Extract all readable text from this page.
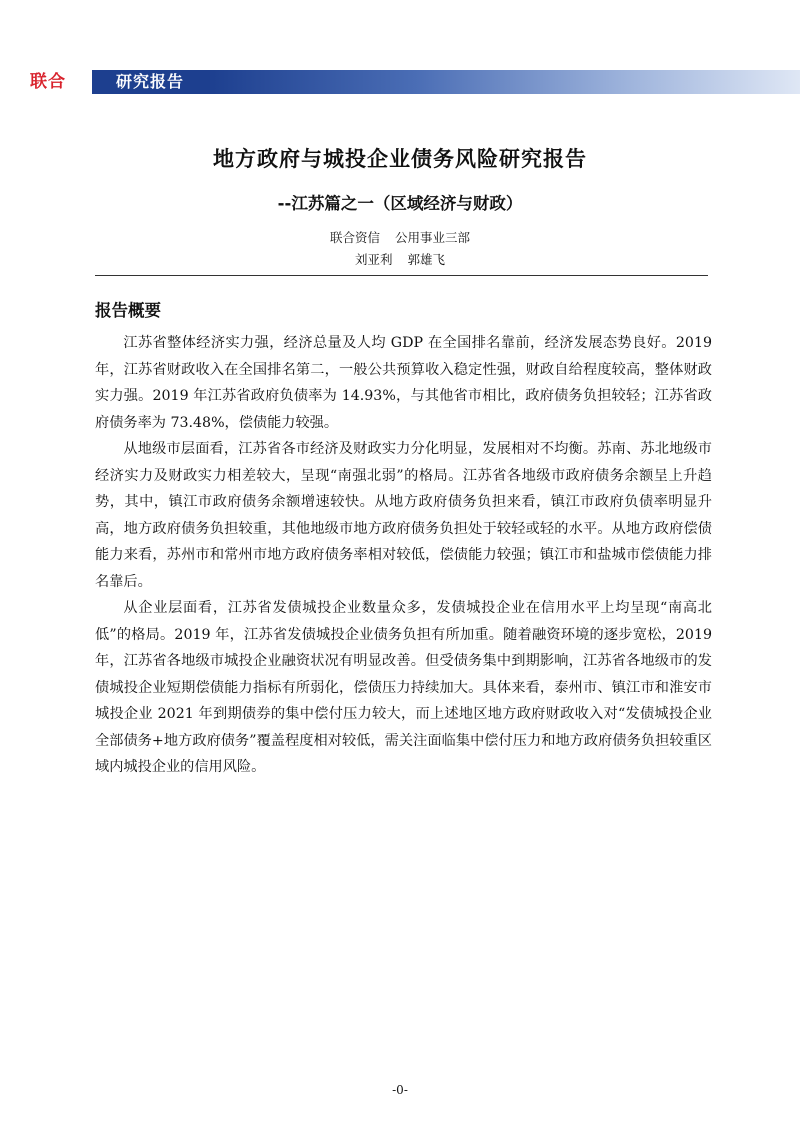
联合	研究报告
地方政府与城投企业债务风险研究报告
--江苏篇之一（区域经济与财政）
联合资信  公用事业三部
刘亚利  郭雄飞
报告概要

江苏省整体经济实力强，经济总量及人均 GDP 在全国排名靠前，经济发展态势良好。2019 年，江苏省财政收入在全国排名第二，一般公共预算收入稳定性强，财政自给程度较高，整体财政实力强。2019 年江苏省政府负债率为 14.93%，与其他省市相比，政府债务负担较轻；江苏省政府债务率为 73.48%，偿债能力较强。

从地级市层面看，江苏省各市经济及财政实力分化明显，发展相对不均衡。苏南、苏北地级市经济实力及财政实力相差较大，呈现“南强北弱”的格局。江苏省各地级市政府债务余额呈上升趋势，其中，镇江市政府债务余额增速较快。从地方政府债务负担来看，镇江市政府负债率明显升高，地方政府债务负担较重，其他地级市地方政府债务负担处于较轻或轻的水平。从地方政府偿债能力来看，苏州市和常州市地方政府债务率相对较低，偿债能力较强；镇江市和盐城市偿债能力排名靠后。

从企业层面看，江苏省发债城投企业数量众多，发债城投企业在信用水平上均呈现“南高北低”的格局。2019 年，江苏省发债城投企业债务负担有所加重。随着融资环境的逐步宽松，2019 年，江苏省各地级市城投企业融资状况有明显改善。但受债务集中到期影响，江苏省各地级市的发债城投企业短期偿债能力指标有所弱化，偿债压力持续加大。具体来看，泰州市、镇江市和淮安市城投企业 2021 年到期债券的集中偿付压力较大，而上述地区地方政府财政收入对“发债城投企业全部债务+地方政府债务”覆盖程度相对较低，需关注面临集中偿付压力和地方政府债务负担较重区域内城投企业的信用风险。

-0-
